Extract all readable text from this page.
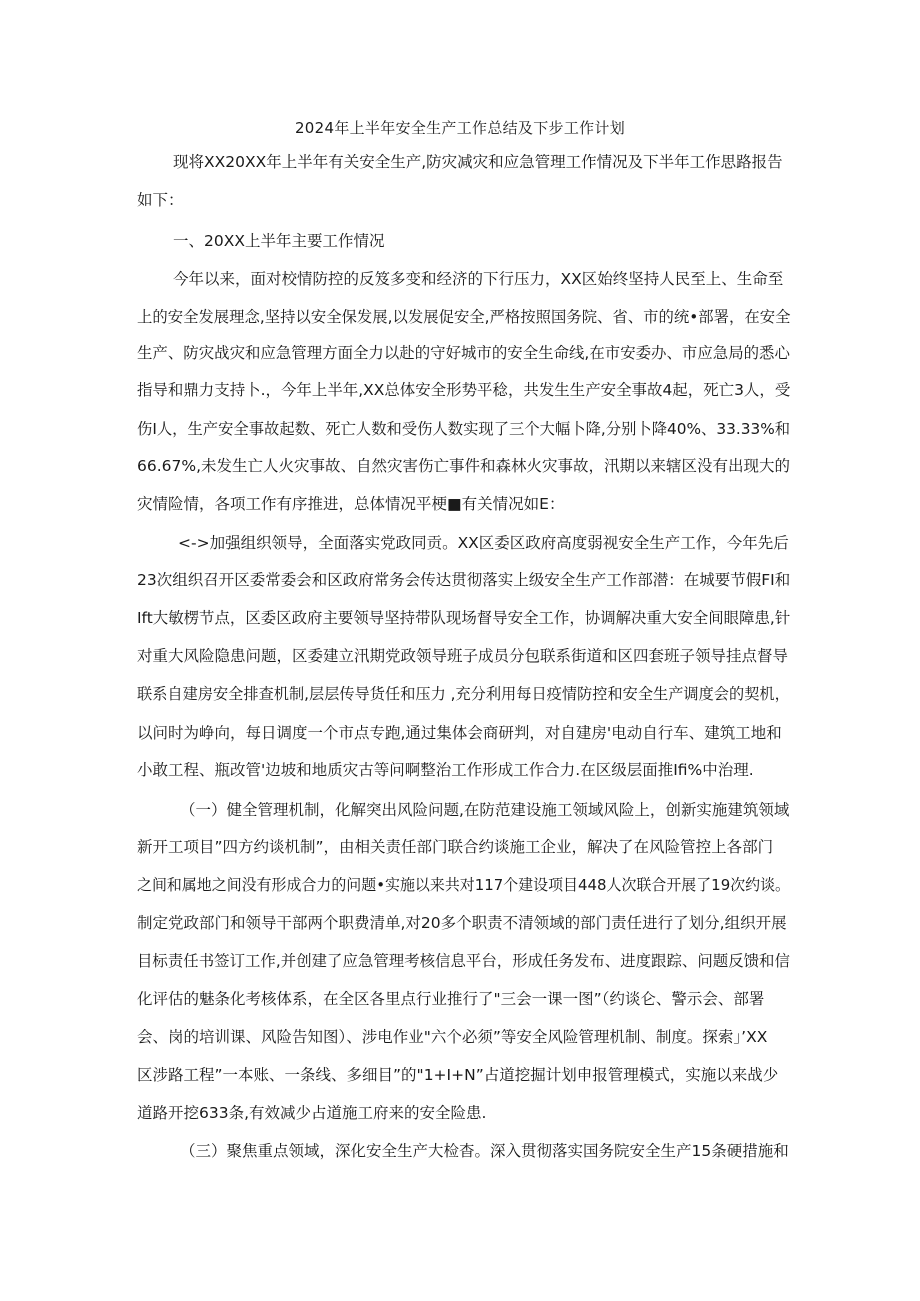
2024年上半年安全生产工作总结及下步工作计划
现将XX20XX年上半年有关安全生产,防灾减灾和应急管理工作情况及下半年工作思路报告
如下：
一、20XX上半年主要工作情况
今年以来，面对校情防控的反笈多变和经济的下行压力，XX区始终坚持人民至上、生命至
上的安全发展理念,坚持以安全保发展,以发展促安全,严格按照国务院、省、市的统•部署，在安全
生产、防灾战灾和应急管理方面全力以赴的守好城市的安全生命线,在市安委办、市应急局的悉心
指导和鼎力支持卜.，今年上半年,XX总体安全形势平稔，共发生生产安全事故4起，死亡3人，受
伤I人，生产安全事故起数、死亡人数和受伤人数实现了三个大幅卜降,分别卜降40%、33.33%和
66.67%,未发生亡人火灾事故、自然灾害伤亡事件和森林火灾事故，汛期以来辖区没有出现大的
灾情险情，各项工作有序推进，总体情况平梗■有关情况如E：
<->加强组织领导，全面落实党政同贡。XX区委区政府高度弱视安全生产工作，今年先后
23次组织召开区委常委会和区政府常务会传达贯彻落实上级安全生产工作部潜：在城要节假FI和
Ift大敏楞节点，区委区政府主要领导坚持带队现场督导安全工作，协调解决重大安全间眼障患,针
对重大风险隐患问题，区委建立汛期党政领导班子成员分包联系街道和区四套班子领导挂点督导
联系自建房安全排查机制,层层传导货任和压力 ,充分利用每日疫情防控和安全生产调度会的契机，
以问时为峥向，每日调度一个市点专跑,通过集体会商研判，对自建房'电动自行车、建筑工地和
小敢工程、瓶改管'边坡和地质灾古等问啊整治工作形成工作合力.在区级层面推Ifi%中治理.
（一）健全管理机制，化解突出风险问题,在防范建设施工领域风险上，创新实施建筑领域
新开工项目”四方约谈机制”，由相关责任部门联合约谈施工企业，解决了在风险管控上各部门
之间和属地之间没有形成合力的问题•实施以来共对117个建设项目448人次联合开展了19次约谈。
制定党政部门和领导干部两个职费清单,对20多个职责不清领域的部门责任进行了划分,组织开展
目标责任书签订工作,并创建了应急管理考核信息平台，形成任务发布、进度跟踪、问题反馈和信
化评估的魅条化考核体系，在全区各里点行业推行了"三会一课一图”（约谈仑、警示会、部署
会、岗的培训课、风险告知图）、涉电作业"六个必须”等安全风险管理机制、制度。探索」’XX
区涉路工程”一本账、一条线、多细目”的"1+I+N”占道挖掘计划申报管理模式，实施以来战少
道路开挖633条,有效减少占道施工府来的安全险患.
（三）聚焦重点领域，深化安全生产大检杳。深入贯彻落实国务院安全生产15条硬措施和
